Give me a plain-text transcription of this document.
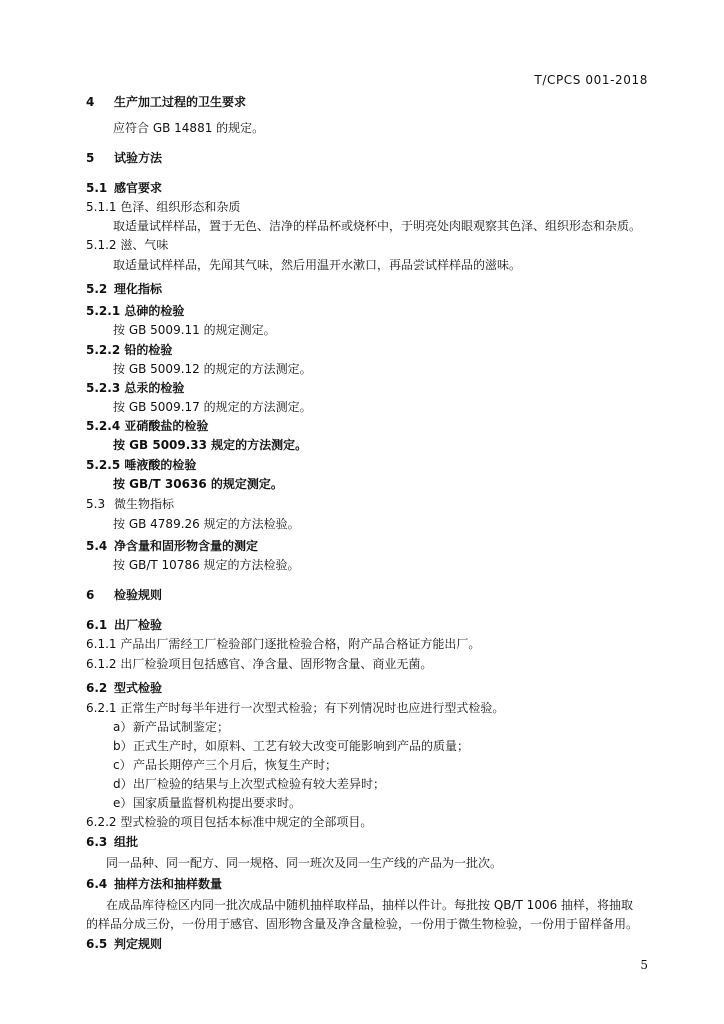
T/CPCS 001-2018
4 生产加工过程的卫生要求
应符合 GB 14881 的规定。
5 试验方法
5.1 感官要求
5.1.1 色泽、组织形态和杂质
取适量试样样品，置于无色、洁净的样品杯或烧杯中，于明亮处肉眼观察其色泽、组织形态和杂质。
5.1.2 滋、气味
取适量试样样品，先闻其气味，然后用温开水漱口，再品尝试样样品的滋味。
5.2 理化指标
5.2.1 总砷的检验
按 GB 5009.11 的规定测定。
5.2.2 铅的检验
按 GB 5009.12 的规定的方法测定。
5.2.3 总汞的检验
按 GB 5009.17 的规定的方法测定。
5.2.4 亚硝酸盐的检验
按 GB 5009.33 规定的方法测定。
5.2.5 唾液酸的检验
按 GB/T 30636 的规定测定。
5.3 微生物指标
按 GB 4789.26 规定的方法检验。
5.4 净含量和固形物含量的测定
按 GB/T 10786 规定的方法检验。
6 检验规则
6.1 出厂检验
6.1.1 产品出厂需经工厂检验部门逐批检验合格，附产品合格证方能出厂。
6.1.2 出厂检验项目包括感官、净含量、固形物含量、商业无菌。
6.2 型式检验
6.2.1 正常生产时每半年进行一次型式检验；有下列情况时也应进行型式检验。
a）新产品试制鉴定；
b）正式生产时，如原料、工艺有较大改变可能影响到产品的质量；
c）产品长期停产三个月后，恢复生产时；
d）出厂检验的结果与上次型式检验有较大差异时；
e）国家质量监督机构提出要求时。
6.2.2 型式检验的项目包括本标准中规定的全部项目。
6.3 组批
同一品种、同一配方、同一规格、同一班次及同一生产线的产品为一批次。
6.4 抽样方法和抽样数量
在成品库待检区内同一批次成品中随机抽样取样品，抽样以件计。每批按 QB/T 1006 抽样，将抽取
的样品分成三份，一份用于感官、固形物含量及净含量检验，一份用于微生物检验，一份用于留样备用。
6.5 判定规则
5
